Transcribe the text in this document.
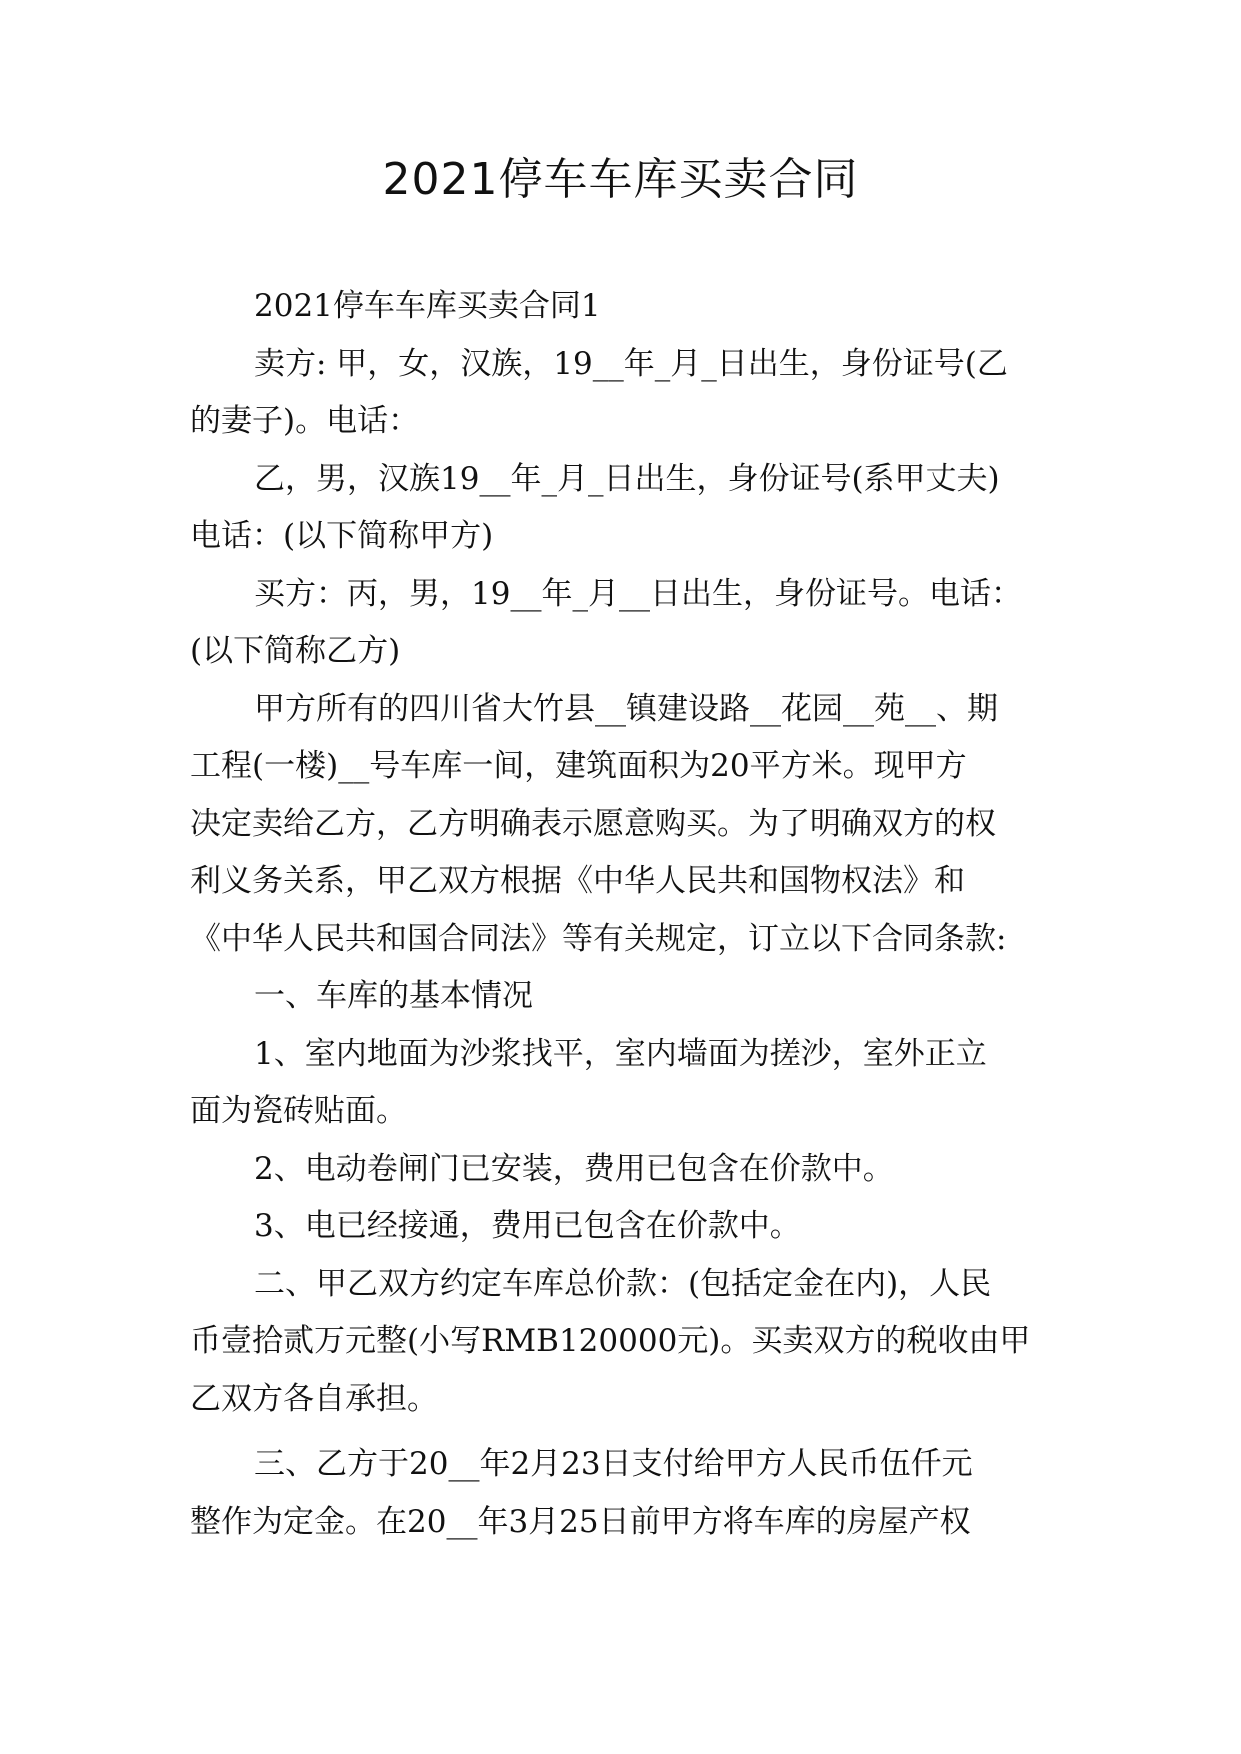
2021停车车库买卖合同
2021停车车库买卖合同1
卖方: 甲，女，汉族，19__年_月_日出生，身份证号(乙
的妻子)。电话：
乙，男，汉族19__年_月_日出生，身份证号(系甲丈夫)
电话：(以下简称甲方)
买方：丙，男，19__年_月__日出生，身份证号。电话：
(以下简称乙方)
甲方所有的四川省大竹县__镇建设路__花园__苑__、期
工程(一楼)__号车库一间，建筑面积为20平方米。现甲方
决定卖给乙方，乙方明确表示愿意购买。为了明确双方的权
利义务关系，甲乙双方根据《中华人民共和国物权法》和
《中华人民共和国合同法》等有关规定，订立以下合同条款:
一、车库的基本情况
1、室内地面为沙浆找平，室内墙面为搓沙，室外正立
面为瓷砖贴面。
2、电动卷闸门已安装，费用已包含在价款中。
3、电已经接通，费用已包含在价款中。
二、甲乙双方约定车库总价款：(包括定金在内)，人民
币壹拾贰万元整(小写RMB120000元)。买卖双方的税收由甲
乙双方各自承担。
三、乙方于20__年2月23日支付给甲方人民币伍仟元
整作为定金。在20__年3月25日前甲方将车库的房屋产权
